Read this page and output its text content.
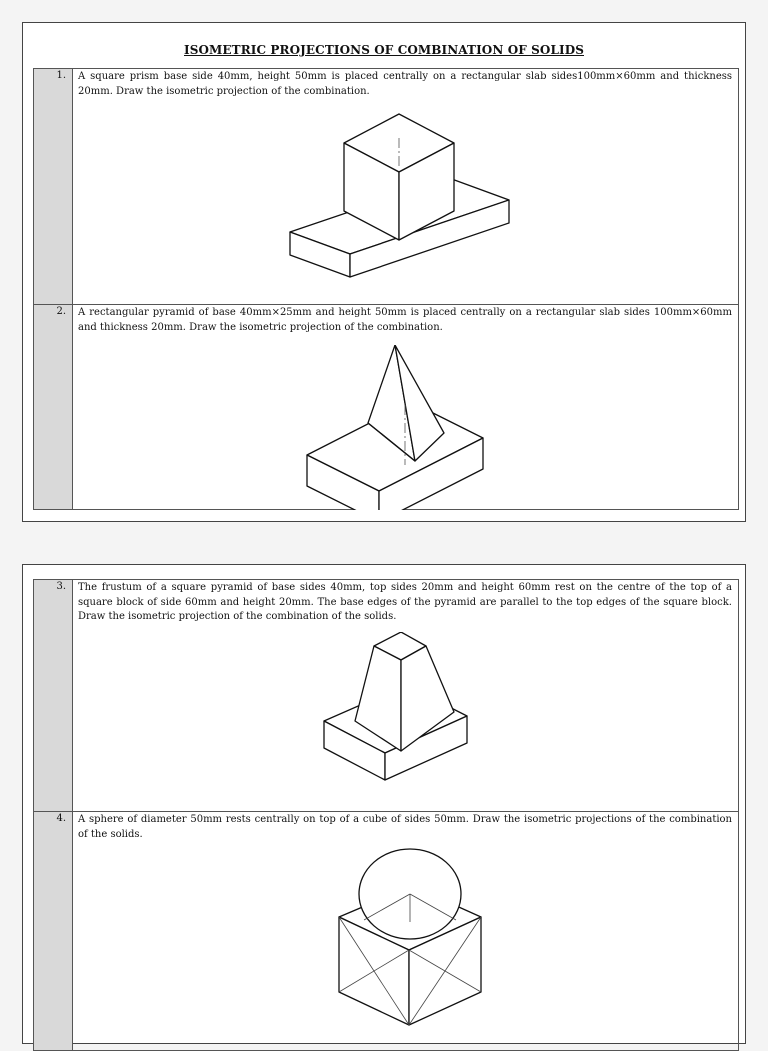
ISOMETRIC PROJECTIONS OF COMBINATION OF SOLIDS
1.	A square prism base side 40mm, height 50mm is placed centrally on a rectangular slab sides100mm×60mm and thickness 20mm. Draw the isometric projection of the combination.
2.	A rectangular pyramid of base 40mm×25mm and height 50mm is placed centrally on a rectangular slab sides 100mm×60mm and thickness 20mm. Draw the isometric projection of the combination.
3.	The frustum of a square pyramid of base sides 40mm, top sides 20mm and height 60mm rest on the centre of the top of a square block of side 60mm and height 20mm. The base edges of the pyramid are parallel to the top edges of the square block. Draw the isometric projection of the combination of the solids.
4.	A sphere of diameter 50mm rests centrally on top of a cube of sides 50mm. Draw the isometric projections of the combination of the solids.
